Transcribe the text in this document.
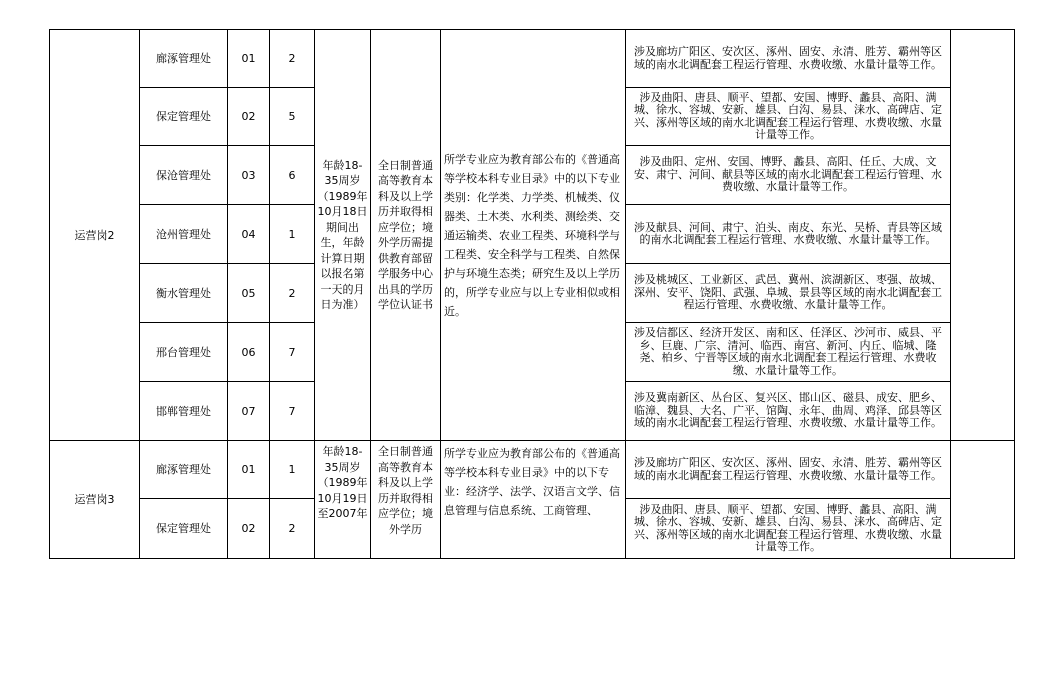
运营岗2	廊涿管理处	01	2	年龄18-35周岁（1989年10月18日期间出生，年龄计算日期以报名第一天的月日为准）	全日制普通高等教育本科及以上学历并取得相应学位；境外学历需提供教育部留学服务中心出具的学历学位认证书	所学专业应为教育部公布的《普通高等学校本科专业目录》中的以下专业类别：化学类、力学类、机械类、仪器类、土木类、水利类、测绘类、交通运输类、农业工程类、环境科学与工程类、安全科学与工程类、自然保护与环境生态类；研究生及以上学历的，所学专业应与以上专业相似或相近。	涉及廊坊广阳区、安次区、涿州、固安、永清、胜芳、霸州等区域的南水北调配套工程运行管理、水费收缴、水量计量等工作。	
	保定管理处	02	5				涉及曲阳、唐县、顺平、望都、安国、博野、蠡县、高阳、满城、徐水、容城、安新、雄县、白沟、易县、涞水、高碑店、定兴、涿州等区域的南水北调配套工程运行管理、水费收缴、水量计量等工作。	
	保沧管理处	03	6				涉及曲阳、定州、安国、博野、蠡县、高阳、任丘、大成、文安、肃宁、河间、献县等区域的南水北调配套工程运行管理、水费收缴、水量计量等工作。	
	沧州管理处	04	1				涉及献县、河间、肃宁、泊头、南皮、东光、吴桥、青县等区域的南水北调配套工程运行管理、水费收缴、水量计量等工作。	
	衡水管理处	05	2				涉及桃城区、工业新区、武邑、冀州、滨湖新区、枣强、故城、深州、安平、饶阳、武强、阜城、景县等区域的南水北调配套工程运行管理、水费收缴、水量计量等工作。	
	邢台管理处	06	7				涉及信都区、经济开发区、南和区、任泽区、沙河市、威县、平乡、巨鹿、广宗、清河、临西、南宫、新河、内丘、临城、隆尧、柏乡、宁晋等区域的南水北调配套工程运行管理、水费收缴、水量计量等工作。	
	邯郸管理处	07	7				涉及冀南新区、丛台区、复兴区、邯山区、磁县、成安、肥乡、临漳、魏县、大名、广平、馆陶、永年、曲周、鸡泽、邱县等区域的南水北调配套工程运行管理、水费收缴、水量计量等工作。	
运营岗3	廊涿管理处	01	1	年龄18-35周岁（1989年10月19日至2007年	全日制普通高等教育本科及以上学历并取得相应学位；境外学历	所学专业应为教育部公布的《普通高等学校本科专业目录》中的以下专业：经济学、法学、汉语言文学、信息管理与信息系统、工商管理、	涉及廊坊广阳区、安次区、涿州、固安、永清、胜芳、霸州等区域的南水北调配套工程运行管理、水费收缴、水量计量等工作。	
	保定管理处	02	2				涉及曲阳、唐县、顺平、望都、安国、博野、蠡县、高阳、满城、徐水、容城、安新、雄县、白沟、易县、涞水、高碑店、定兴、涿州等区域的南水北调配套工程运行管理、水费收缴、水量计量等工作。	
